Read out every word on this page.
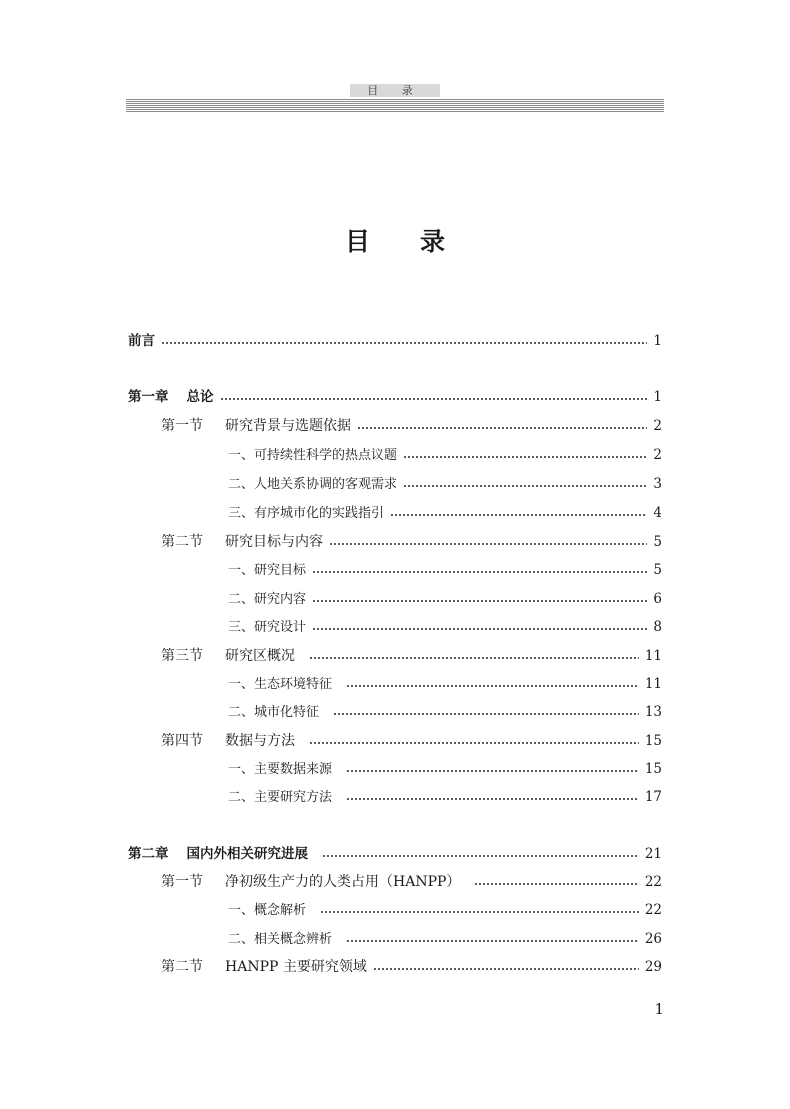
目 录
目录
前言	1
第一章 总论	1
第一节 研究背景与选题依据	2
一、可持续性科学的热点议题	2
二、人地关系协调的客观需求	3
三、有序城市化的实践指引	4
第二节 研究目标与内容	5
一、研究目标	5
二、研究内容	6
三、研究设计	8
第三节 研究区概况	11
一、生态环境特征	11
二、城市化特征	13
第四节 数据与方法	15
一、主要数据来源	15
二、主要研究方法	17
第二章 国内外相关研究进展	21
第一节 净初级生产力的人类占用（HANPP）	22
一、概念解析	22
二、相关概念辨析	26
第二节 HANPP 主要研究领域	29
1
